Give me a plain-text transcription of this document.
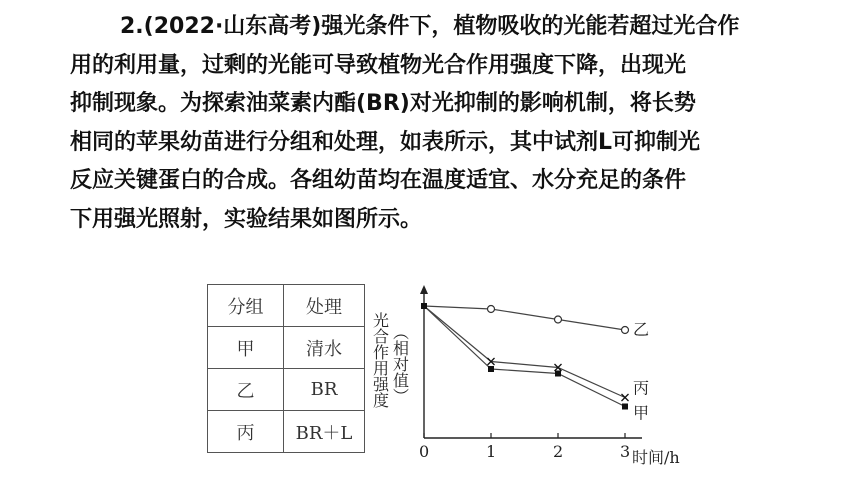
2.(2022·山东高考)强光条件下，植物吸收的光能若超过光合作
用的利用量，过剩的光能可导致植物光合作用强度下降，出现光
抑制现象。为探索油菜素内酯(BR)对光抑制的影响机制，将长势
相同的苹果幼苗进行分组和处理，如表所示，其中试剂L可抑制光
反应关键蛋白的合成。各组幼苗均在温度适宜、水分充足的条件
下用强光照射，实验结果如图所示。
分组	处理
甲	清水
乙	BR
丙	BR＋L
光合作用强度 （相对值）
时间/h
0	1	2	3
乙
丙
甲
